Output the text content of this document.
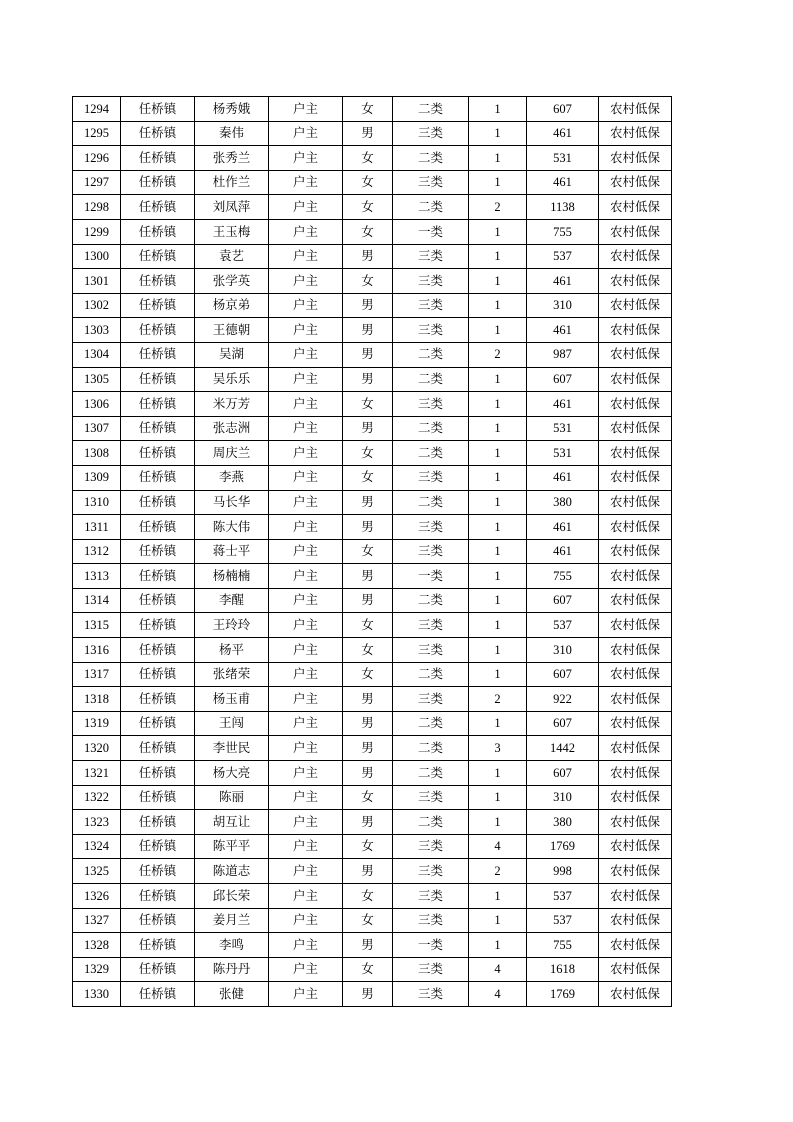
1294	任桥镇	杨秀娥	户主	女	二类	1	607	农村低保
1295	任桥镇	秦伟	户主	男	三类	1	461	农村低保
1296	任桥镇	张秀兰	户主	女	二类	1	531	农村低保
1297	任桥镇	杜作兰	户主	女	三类	1	461	农村低保
1298	任桥镇	刘凤萍	户主	女	二类	2	1138	农村低保
1299	任桥镇	王玉梅	户主	女	一类	1	755	农村低保
1300	任桥镇	袁艺	户主	男	三类	1	537	农村低保
1301	任桥镇	张学英	户主	女	三类	1	461	农村低保
1302	任桥镇	杨京弟	户主	男	三类	1	310	农村低保
1303	任桥镇	王德朝	户主	男	三类	1	461	农村低保
1304	任桥镇	吴湖	户主	男	二类	2	987	农村低保
1305	任桥镇	吴乐乐	户主	男	二类	1	607	农村低保
1306	任桥镇	米万芳	户主	女	三类	1	461	农村低保
1307	任桥镇	张志洲	户主	男	二类	1	531	农村低保
1308	任桥镇	周庆兰	户主	女	二类	1	531	农村低保
1309	任桥镇	李燕	户主	女	三类	1	461	农村低保
1310	任桥镇	马长华	户主	男	二类	1	380	农村低保
1311	任桥镇	陈大伟	户主	男	三类	1	461	农村低保
1312	任桥镇	蒋士平	户主	女	三类	1	461	农村低保
1313	任桥镇	杨楠楠	户主	男	一类	1	755	农村低保
1314	任桥镇	李醒	户主	男	二类	1	607	农村低保
1315	任桥镇	王玲玲	户主	女	三类	1	537	农村低保
1316	任桥镇	杨平	户主	女	三类	1	310	农村低保
1317	任桥镇	张绪荣	户主	女	二类	1	607	农村低保
1318	任桥镇	杨玉甫	户主	男	三类	2	922	农村低保
1319	任桥镇	王闯	户主	男	二类	1	607	农村低保
1320	任桥镇	李世民	户主	男	二类	3	1442	农村低保
1321	任桥镇	杨大亮	户主	男	二类	1	607	农村低保
1322	任桥镇	陈丽	户主	女	三类	1	310	农村低保
1323	任桥镇	胡互让	户主	男	二类	1	380	农村低保
1324	任桥镇	陈平平	户主	女	三类	4	1769	农村低保
1325	任桥镇	陈道志	户主	男	三类	2	998	农村低保
1326	任桥镇	邱长荣	户主	女	三类	1	537	农村低保
1327	任桥镇	姜月兰	户主	女	三类	1	537	农村低保
1328	任桥镇	李鸣	户主	男	一类	1	755	农村低保
1329	任桥镇	陈丹丹	户主	女	三类	4	1618	农村低保
1330	任桥镇	张健	户主	男	三类	4	1769	农村低保
